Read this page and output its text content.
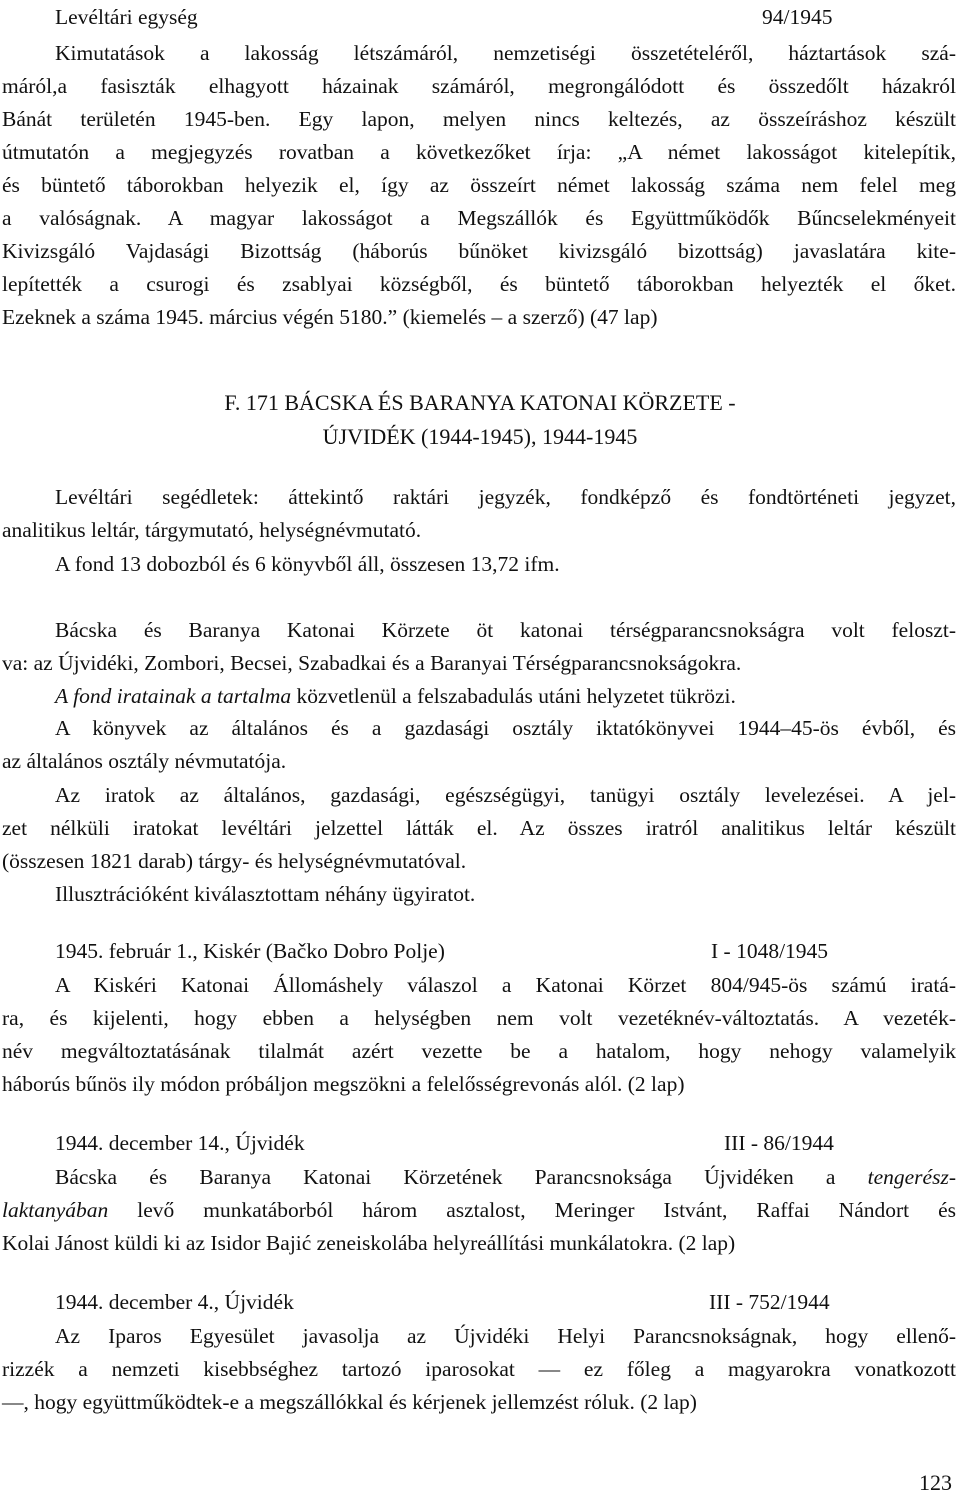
Levéltári egység	94/1945
Kimutatások a lakosság létszámáról, nemzetiségi összetételéről, háztartások szá-
máról,a fasiszták elhagyott házainak számáról, megrongálódott és összedőlt házakról
Bánát területén 1945-ben. Egy lapon, melyen nincs keltezés, az összeíráshoz készült
útmutatón a megjegyzés rovatban a következőket írja: „A német lakosságot kitelepítik,
és büntető táborokban helyezik el, így az összeírt német lakosság száma nem felel meg
a valóságnak. A magyar lakosságot a Megszállók és Együttműködők Bűncselekményeit
Kivizsgáló Vajdasági Bizottság (háborús bűnöket kivizsgáló bizottság) javaslatára kite-
lepítették a csurogi és zsablyai községből, és büntető táborokban helyezték el őket.
Ezeknek a száma 1945. március végén 5180.” (kiemelés – a szerző) (47 lap)
F. 171 BÁCSKA ÉS BARANYA KATONAI KÖRZETE -
ÚJVIDÉK (1944-1945), 1944-1945
Levéltári segédletek: áttekintő raktári jegyzék, fondképző és fondtörténeti jegyzet,
analitikus leltár, tárgymutató, helységnévmutató.
A fond 13 dobozból és 6 könyvből áll, összesen 13,72 ifm.
Bácska és Baranya Katonai Körzete öt katonai térségparancsnokságra volt feloszt-
va: az Újvidéki, Zombori, Becsei, Szabadkai és a Baranyai Térségparancsnokságokra.
A fond iratainak a tartalma közvetlenül a felszabadulás utáni helyzetet tükrözi.
A könyvek az általános és a gazdasági osztály iktatókönyvei 1944–45-ös évből, és
az általános osztály névmutatója.
Az iratok az általános, gazdasági, egészségügyi, tanügyi osztály levelezései. A jel-
zet nélküli iratokat levéltári jelzettel látták el. Az összes iratról analitikus leltár készült
(összesen 1821 darab) tárgy- és helységnévmutatóval.
Illusztrációként kiválasztottam néhány ügyiratot.
1945. február 1., Kiskér (Bačko Dobro Polje)	I - 1048/1945
A Kiskéri Katonai Állomáshely válaszol a Katonai Körzet 804/945-ös számú iratá-
ra, és kijelenti, hogy ebben a helységben nem volt vezetéknév-változtatás. A vezeték-
név megváltoztatásának tilalmát azért vezette be a hatalom, hogy nehogy valamelyik
háborús bűnös ily módon próbáljon megszökni a felelősségrevonás alól. (2 lap)
1944. december 14., Újvidék	III - 86/1944
Bácska és Baranya Katonai Körzetének Parancsnoksága Újvidéken a tengerész-
laktanyában levő munkatáborból három asztalost, Meringer Istvánt, Raffai Nándort és
Kolai Jánost küldi ki az Isidor Bajić zeneiskolába helyreállítási munkálatokra. (2 lap)
1944. december 4., Újvidék	III - 752/1944
Az Iparos Egyesület javasolja az Újvidéki Helyi Parancsnokságnak, hogy ellenő-
rizzék a nemzeti kisebbséghez tartozó iparosokat — ez főleg a magyarokra vonatkozott
—, hogy együttműködtek-e a megszállókkal és kérjenek jellemzést róluk. (2 lap)
123
